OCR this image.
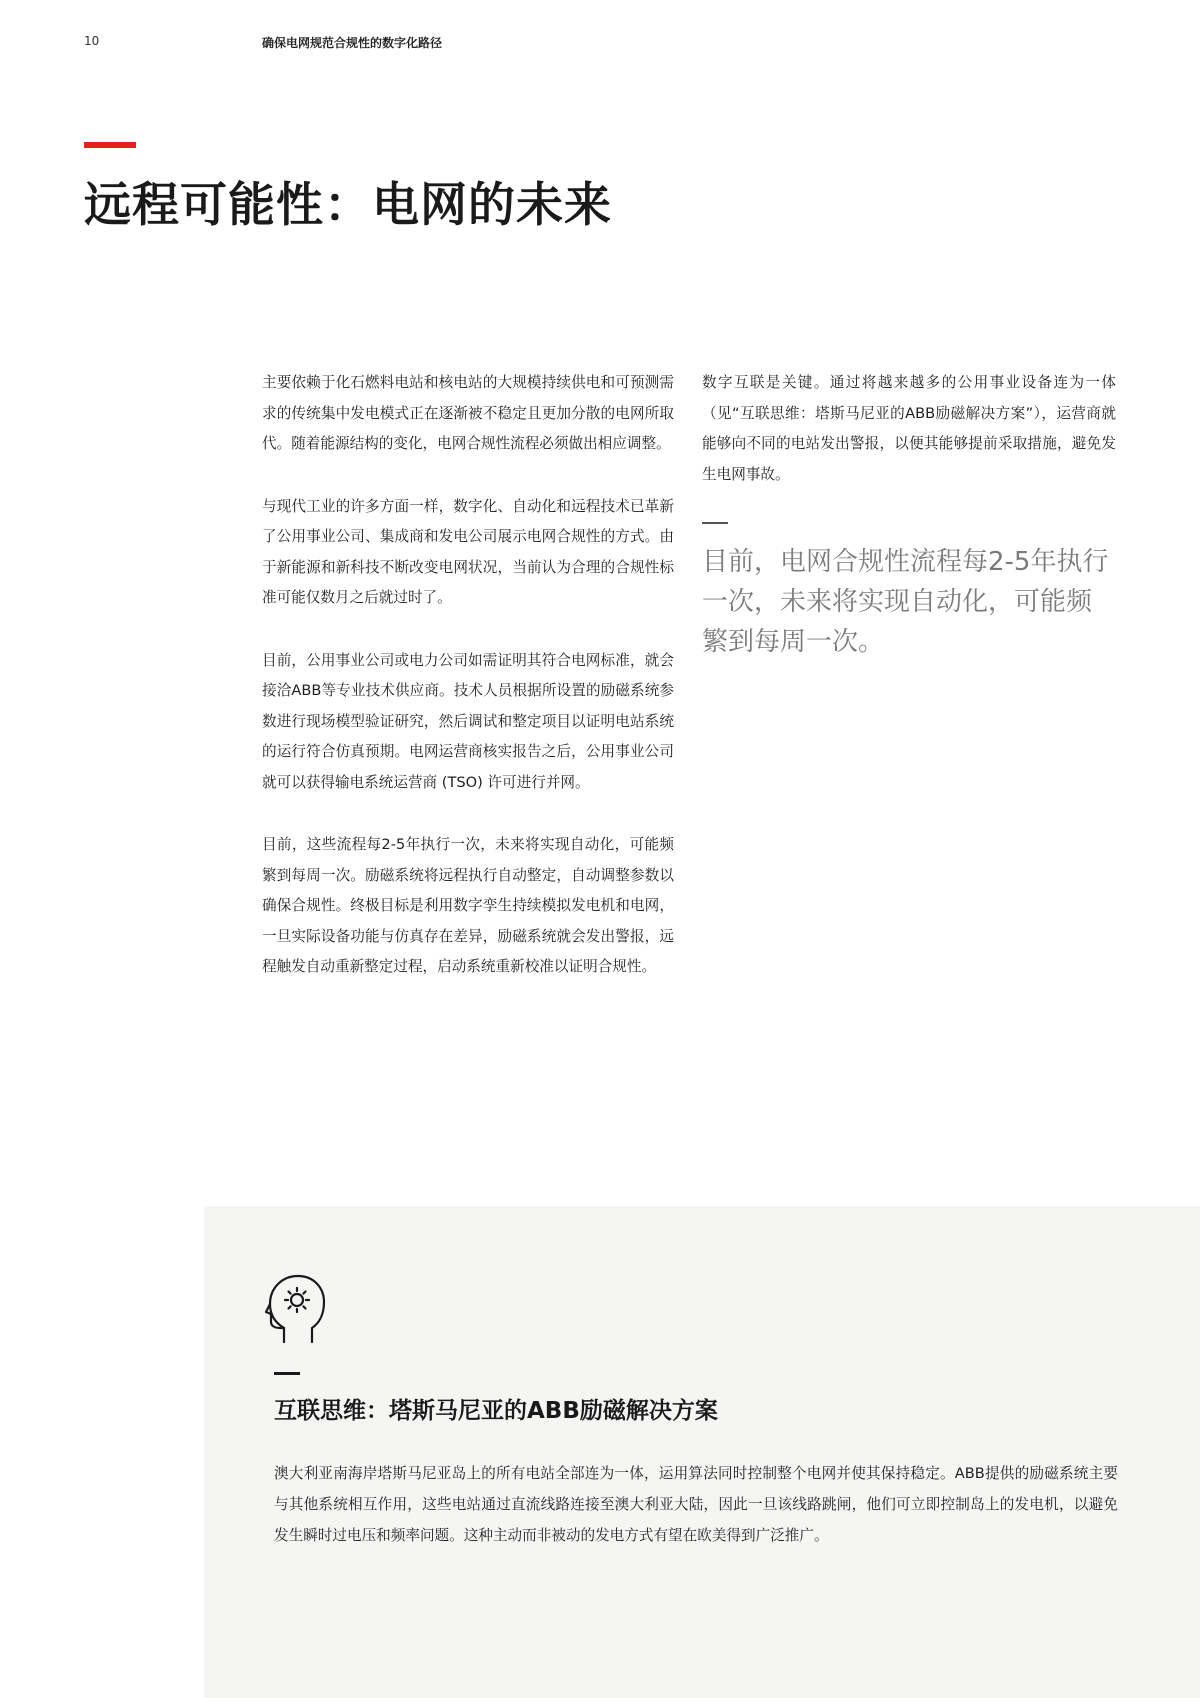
10	确保电网规范合规性的数字化路径
远程可能性：电网的未来

主要依赖于化石燃料电站和核电站的大规模持续供电和可预测需求的传统集中发电模式正在逐渐被不稳定且更加分散的电网所取代。随着能源结构的变化，电网合规性流程必须做出相应调整。

与现代工业的许多方面一样，数字化、自动化和远程技术已革新了公用事业公司、集成商和发电公司展示电网合规性的方式。由于新能源和新科技不断改变电网状况，当前认为合理的合规性标准可能仅数月之后就过时了。

目前，公用事业公司或电力公司如需证明其符合电网标准，就会接洽ABB等专业技术供应商。技术人员根据所设置的励磁系统参数进行现场模型验证研究，然后调试和整定项目以证明电站系统的运行符合仿真预期。电网运营商核实报告之后，公用事业公司就可以获得输电系统运营商 (TSO) 许可进行并网。

目前，这些流程每2-5年执行一次，未来将实现自动化，可能频繁到每周一次。励磁系统将远程执行自动整定，自动调整参数以确保合规性。终极目标是利用数字孪生持续模拟发电机和电网，一旦实际设备功能与仿真存在差异，励磁系统就会发出警报，远程触发自动重新整定过程，启动系统重新校准以证明合规性。

数字互联是关键。通过将越来越多的公用事业设备连为一体（见“互联思维：塔斯马尼亚的ABB励磁解决方案”），运营商就能够向不同的电站发出警报，以便其能够提前采取措施，避免发生电网事故。

目前，电网合规性流程每2-5年执行一次，未来将实现自动化，可能频繁到每周一次。

互联思维：塔斯马尼亚的ABB励磁解决方案

澳大利亚南海岸塔斯马尼亚岛上的所有电站全部连为一体，运用算法同时控制整个电网并使其保持稳定。ABB提供的励磁系统主要与其他系统相互作用，这些电站通过直流线路连接至澳大利亚大陆，因此一旦该线路跳闸，他们可立即控制岛上的发电机，以避免发生瞬时过电压和频率问题。这种主动而非被动的发电方式有望在欧美得到广泛推广。
